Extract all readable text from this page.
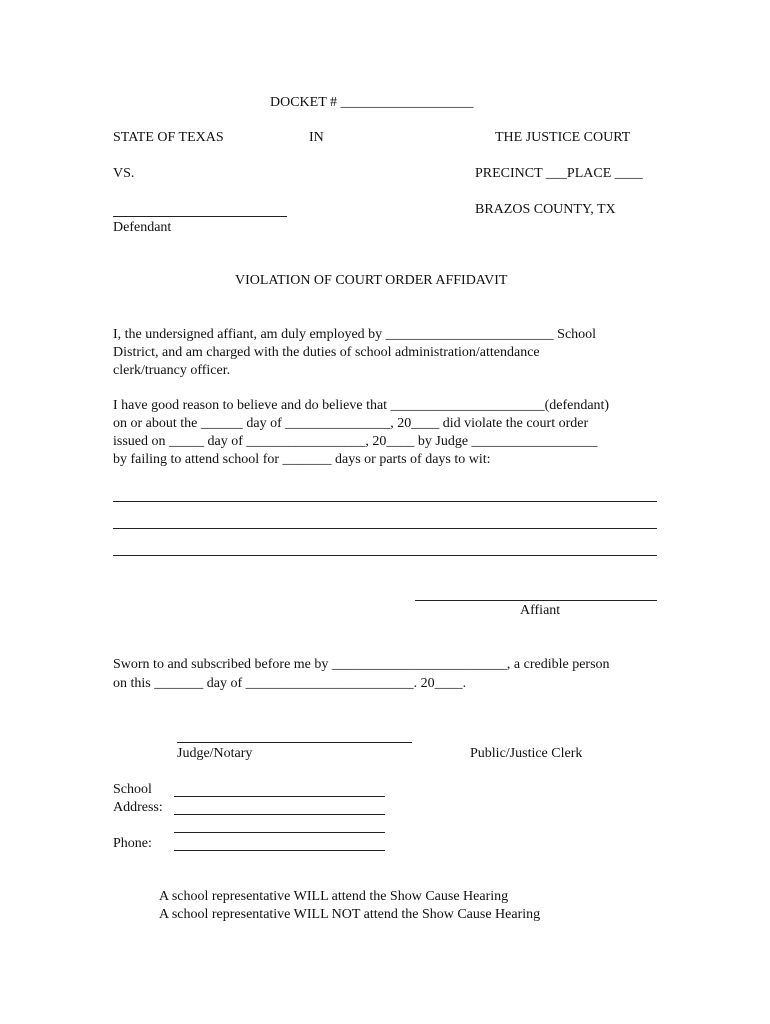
DOCKET # ___________________
STATE OF TEXAS	IN	THE JUSTICE COURT
VS.	PRECINCT ___PLACE ____
BRAZOS COUNTY, TX
Defendant
VIOLATION OF COURT ORDER AFFIDAVIT
I, the undersigned affiant, am duly employed by ________________________ School
District, and am charged with the duties of school administration/attendance
clerk/truancy officer.
I have good reason to believe and do believe that ______________________(defendant)
on or about the ______ day of _______________, 20____ did violate the court order
issued on _____ day of _________________, 20____ by Judge __________________
by failing to attend school for _______ days or parts of days to wit:
Affiant
Sworn to and subscribed before me by _________________________, a credible person
on this _______ day of ________________________. 20____.
Judge/Notary	Public/Justice Clerk
School
Address:
Phone:
A school representative WILL attend the Show Cause Hearing
A school representative WILL NOT attend the Show Cause Hearing
